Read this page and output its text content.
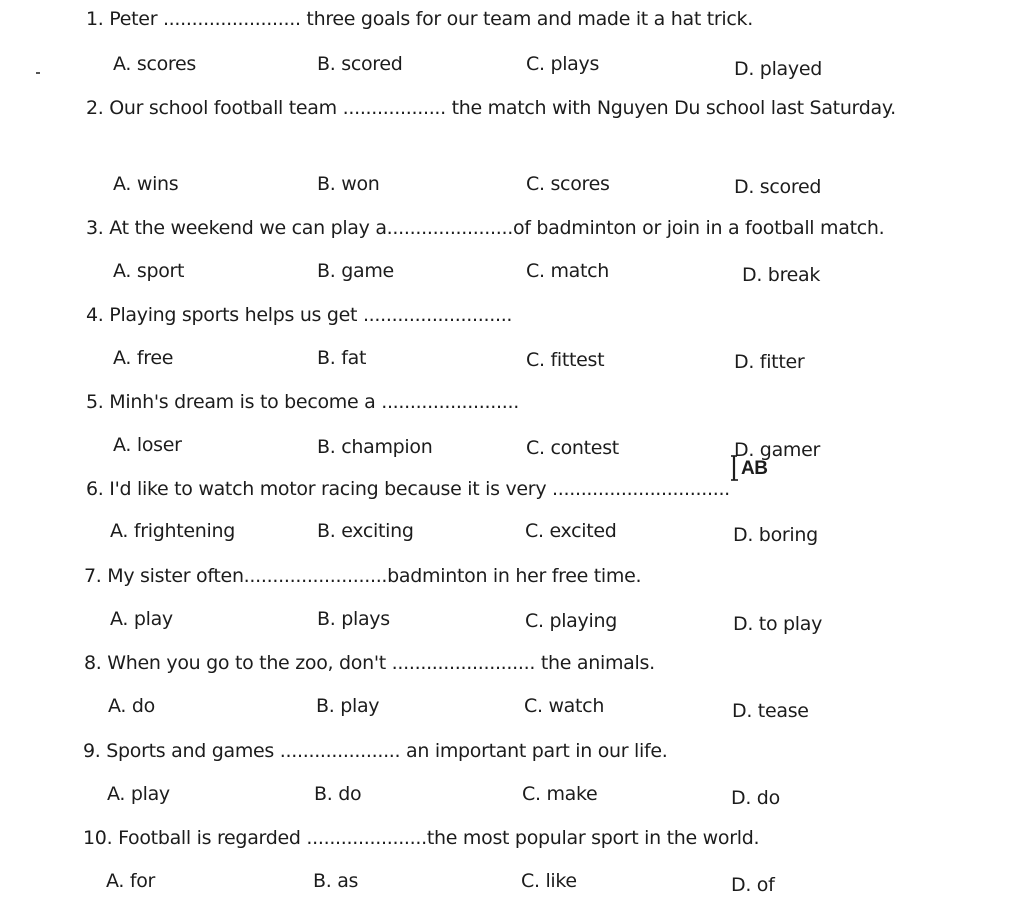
1. Peter ........................ three goals for our team and made it a hat trick.
A. scores	B. scored	C. plays	D. played
2. Our school football team .................. the match with Nguyen Du school last Saturday.
A. wins	B. won	C. scores	D. scored
3. At the weekend we can play a......................of badminton or join in a football match.
A. sport	B. game	C. match	D. break
4. Playing sports helps us get ..........................
A. free	B. fat	C. fittest	D. fitter
5. Minh's dream is to become a ........................
A. loser	B. champion	C. contest	D. gamer
AB
6. I'd like to watch motor racing because it is very ...............................
A. frightening	B. exciting	C. excited	D. boring
7. My sister often.........................badminton in her free time.
A. play	B. plays	C. playing	D. to play
8. When you go to the zoo, don't ......................... the animals.
A. do	B. play	C. watch	D. tease
9. Sports and games ..................... an important part in our life.
A. play	B. do	C. make	D. do
10. Football is regarded .....................the most popular sport in the world.
A. for	B. as	C. like	D. of
